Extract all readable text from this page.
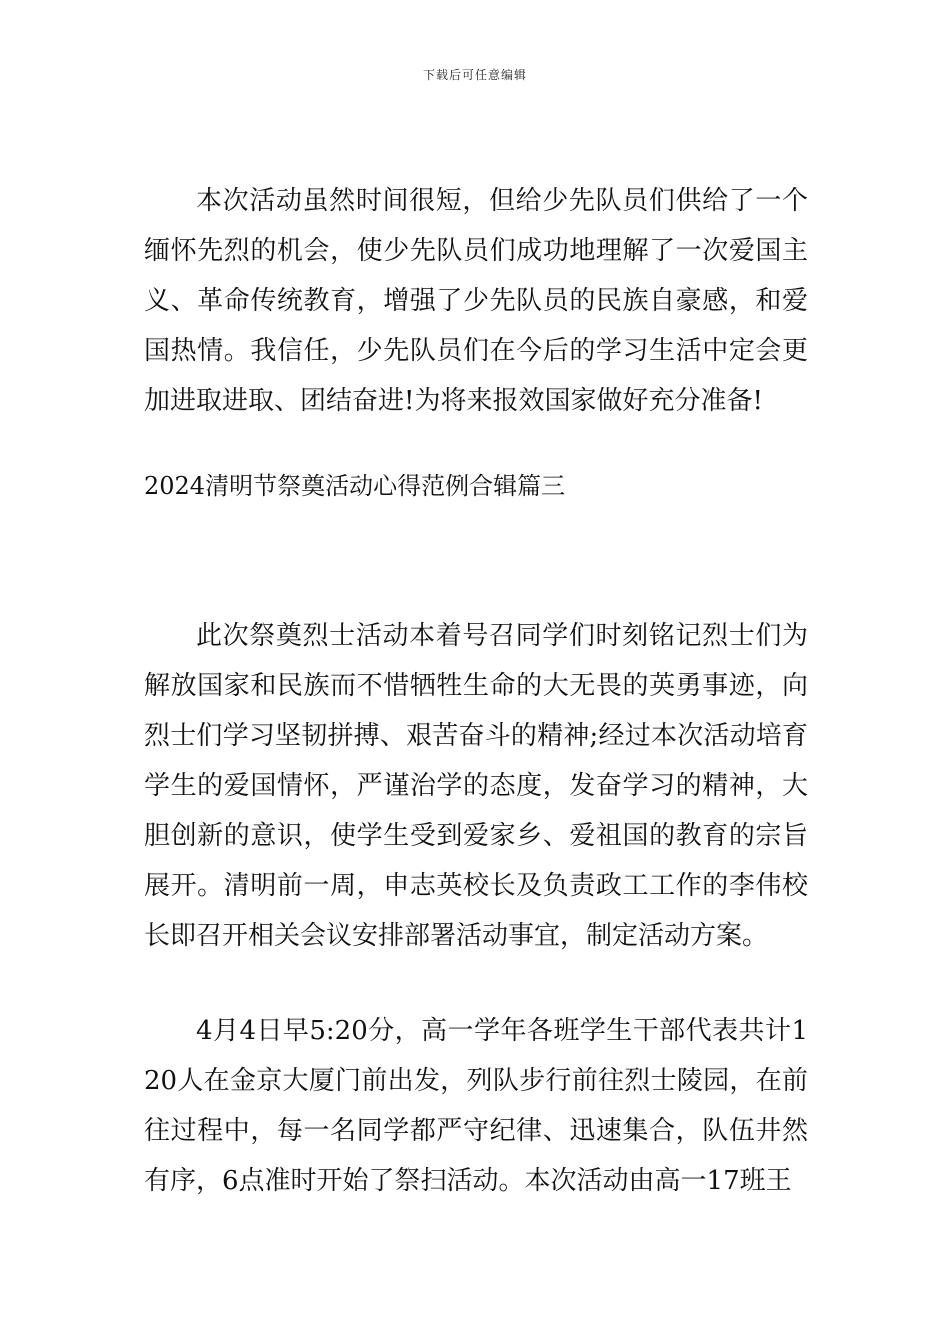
下载后可任意编辑

本次活动虽然时间很短，但给少先队员们供给了一个缅怀先烈的机会，使少先队员们成功地理解了一次爱国主义、革命传统教育，增强了少先队员的民族自豪感，和爱国热情。我信任，少先队员们在今后的学习生活中定会更加进取进取、团结奋进!为将来报效国家做好充分准备!

2024清明节祭奠活动心得范例合辑篇三

此次祭奠烈士活动本着号召同学们时刻铭记烈士们为解放国家和民族而不惜牺牲生命的大无畏的英勇事迹，向烈士们学习坚韧拼搏、艰苦奋斗的精神;经过本次活动培育学生的爱国情怀，严谨治学的态度，发奋学习的精神，大胆创新的意识，使学生受到爱家乡、爱祖国的教育的宗旨展开。清明前一周，申志英校长及负责政工工作的李伟校长即召开相关会议安排部署活动事宜，制定活动方案。

4月4日早5:20分，高一学年各班学生干部代表共计120人在金京大厦门前出发，列队步行前往烈士陵园，在前往过程中，每一名同学都严守纪律、迅速集合，队伍井然有序，6点准时开始了祭扫活动。本次活动由高一17班王
